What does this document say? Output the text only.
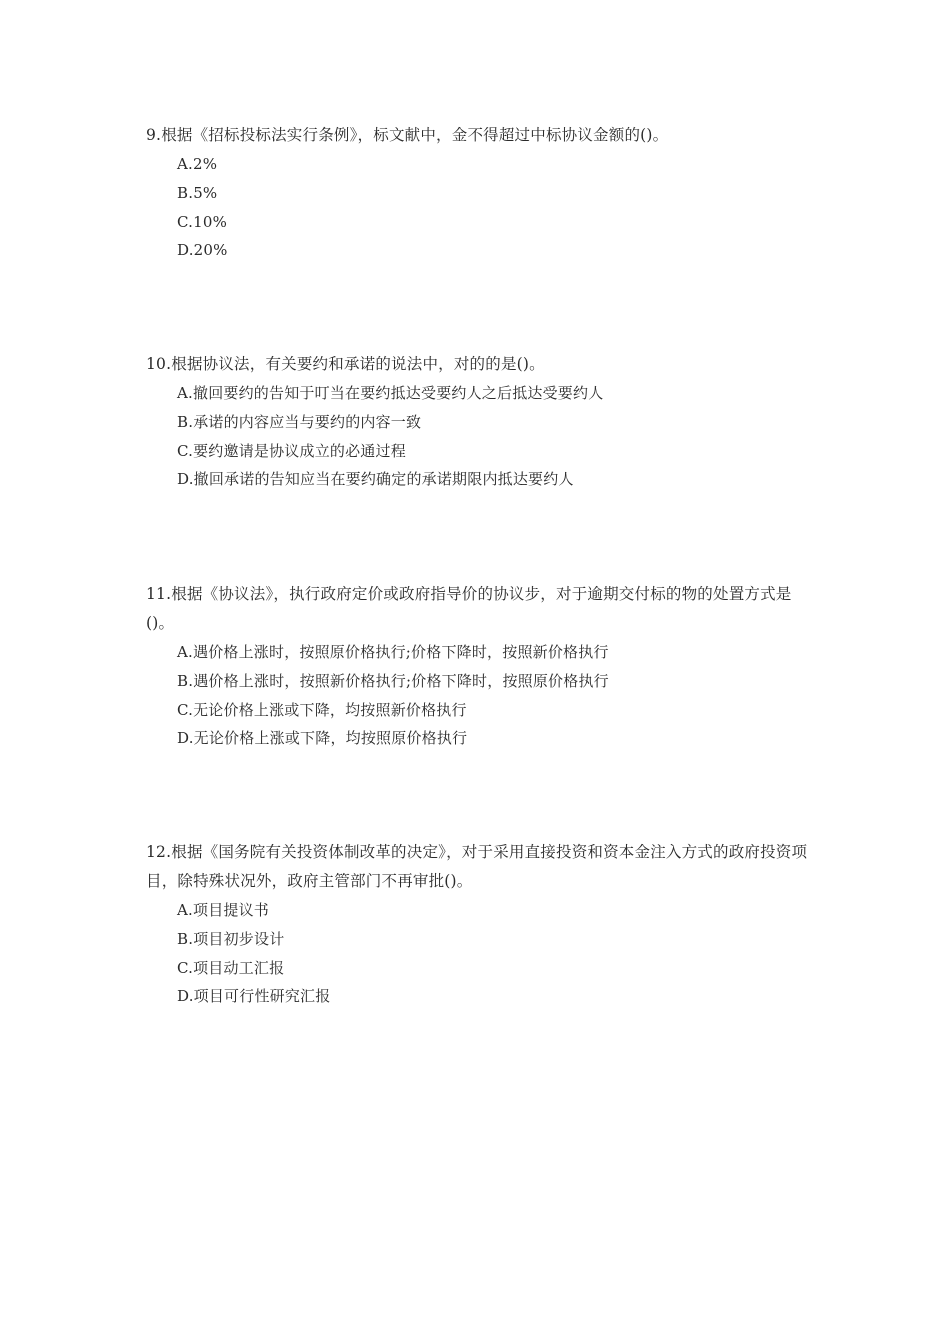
9.根据《招标投标法实行条例》，标文献中，金不得超过中标协议金额的()。

A.2%
B.5%
C.10%
D.20%

10.根据协议法，有关要约和承诺的说法中，对的的是()。

A.撤回要约的告知于叮当在要约抵达受要约人之后抵达受要约人
B.承诺的内容应当与要约的内容一致
C.要约邀请是协议成立的必通过程
D.撤回承诺的告知应当在要约确定的承诺期限内抵达要约人

11.根据《协议法》，执行政府定价或政府指导价的协议步，对于逾期交付标的物的处置方式是()。

A.遇价格上涨时，按照原价格执行;价格下降时，按照新价格执行
B.遇价格上涨时，按照新价格执行;价格下降时，按照原价格执行
C.无论价格上涨或下降，均按照新价格执行
D.无论价格上涨或下降，均按照原价格执行

12.根据《国务院有关投资体制改革的决定》，对于采用直接投资和资本金注入方式的政府投资项目，除特殊状况外，政府主管部门不再审批()。

A.项目提议书
B.项目初步设计
C.项目动工汇报
D.项目可行性研究汇报
